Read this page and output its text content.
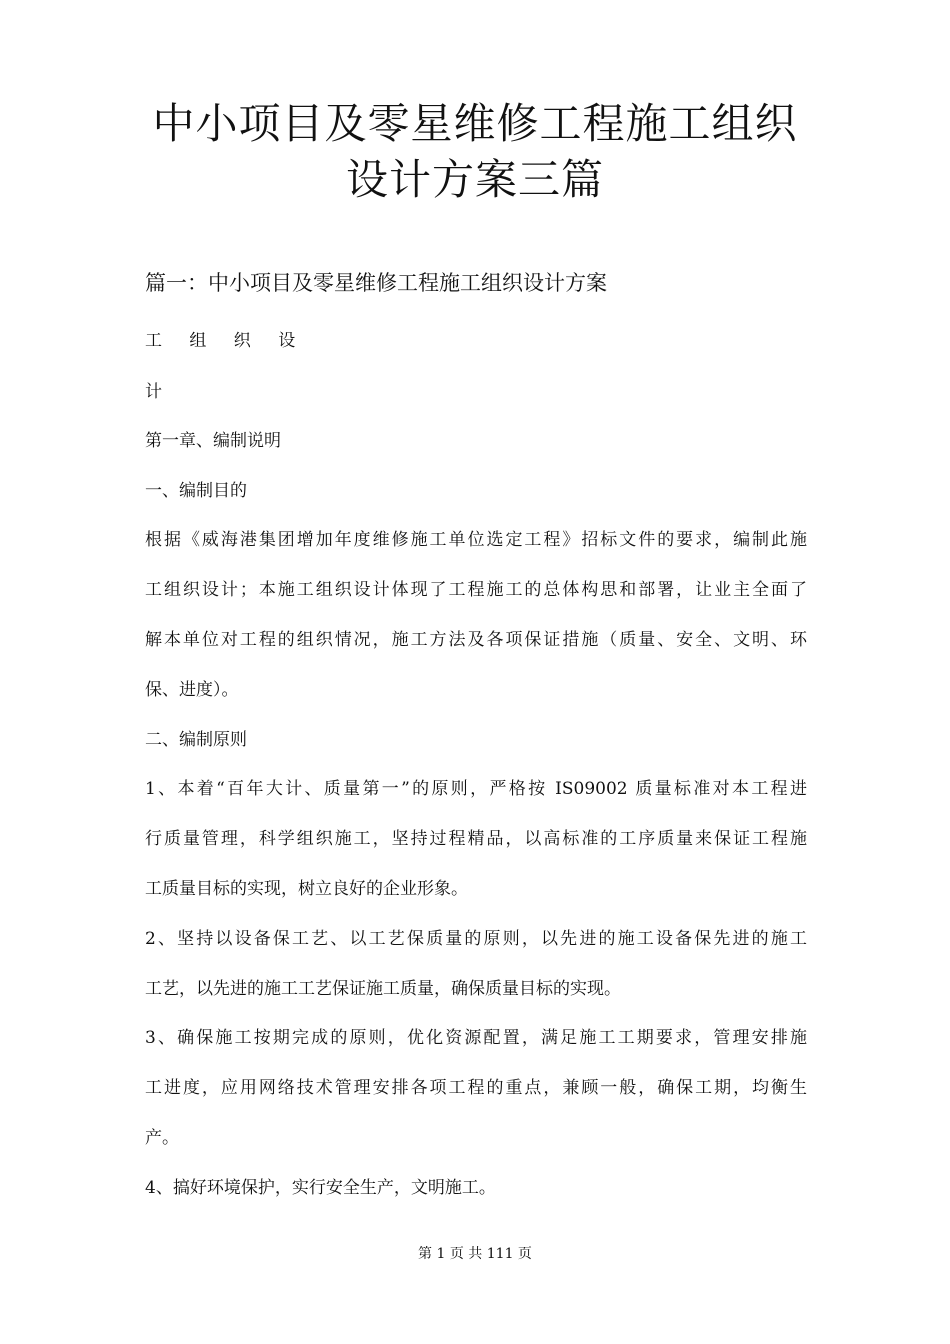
中小项目及零星维修工程施工组织
设计方案三篇
篇一：中小项目及零星维修工程施工组织设计方案
工 组 织 设
计
第一章、编制说明
一、编制目的
根据《威海港集团增加年度维修施工单位选定工程》招标文件的要求，编制此施
工组织设计；本施工组织设计体现了工程施工的总体构思和部署，让业主全面了
解本单位对工程的组织情况，施工方法及各项保证措施（质量、安全、文明、环
保、进度）。
二、编制原则
1、本着“百年大计、质量第一”的原则，严格按 IS09002 质量标准对本工程进
行质量管理，科学组织施工，坚持过程精品，以高标准的工序质量来保证工程施
工质量目标的实现，树立良好的企业形象。
2、坚持以设备保工艺、以工艺保质量的原则，以先进的施工设备保先进的施工
工艺，以先进的施工工艺保证施工质量，确保质量目标的实现。
3、确保施工按期完成的原则，优化资源配置，满足施工工期要求，管理安排施
工进度，应用网络技术管理安排各项工程的重点，兼顾一般，确保工期，均衡生
产。
4、搞好环境保护，实行安全生产，文明施工。
第 1 页 共 111 页
